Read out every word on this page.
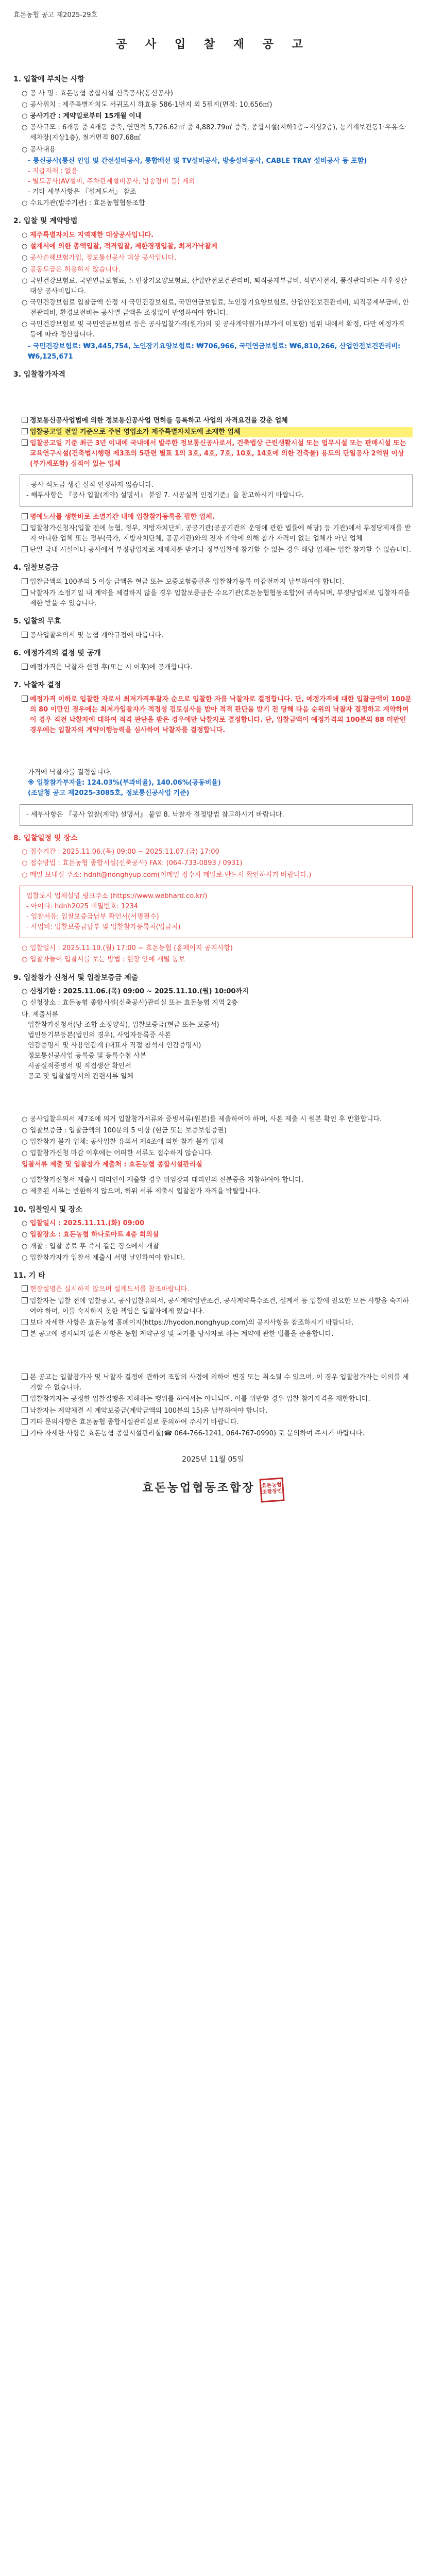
효돈농협 공고 제2025-29호
공 사 입 찰 재 공 고
1. 입찰에 부치는 사항
○ 공 사 명 : 효돈농협 종합시설 신축공사(통신공사)
○ 공사위치 : 제주특별자치도 서귀포시 하효동 586-1번지 외 5필지(면적: 10,656㎡)
○ 공사기간 : 계약일로부터 15개월 이내
○ 공사규모 : 6개동 중 4개동 증축, 연면적 5,726.62㎡ 중 4,882.79㎡ 증축, 종합시설(지하1층~지상2층), 농기계보관동1·우유소·세차장(지상1층), 철거면적 807.68㎡
○ 공사내용
- 통신공사(통신 인입 및 간선설비공사, 통합배선 및 TV설비공사, 방송설비공사, CABLE TRAY 설비공사 등 포함)
- 지급자재 : 없음
- 별도공사(AV설비, 주차관제설비공사, 방송장비 등) 제외
- 기타 세부사항은 『설계도서』 참조
○ 수요기관(발주기관) : 효돈농협협동조합
2. 입찰 및 계약방법
○ 제주특별자치도 지역제한 대상공사입니다.
○ 설계서에 의한 총액입찰, 적격입찰, 제한경쟁입찰, 최저가낙찰제
○ 공사손해보험가입, 정보통신공사 대상 공사입니다.
○ 공동도급은 허용하지 않습니다.
○ 국민건강보험료, 국민연금보험료, 노인장기요양보험료, 산업안전보건관리비, 퇴직공제부금비, 석면사전처, 품질관리비는 사후정산대상 공사비입니다.
○ 국민건강보험료 입찰금액 산정 시 국민건강보험료, 국민연금보험료, 노인장기요양보험료, 산업안전보건관리비, 퇴직공제부금비, 안전관리비, 환경보전비는 공사별 금액을 조정없이 반영하여야 합니다.
○ 국민건강보험료 및 국민연금보험료 등은 공사입찰가격(원가)의 및 공사계약원가(부가세 미포함) 범위 내에서 확정, 다만 예정가격 등에 따라 정산합니다.
- 국민건강보험료: ₩3,445,754, 노인장기요양보험료: ₩706,966, 국민연금보험료: ₩6,810,266, 산업안전보건관리비: ₩6,125,671
3. 입찰참가자격
정보통신공사업법에 의한 정보통신공사업 면허를 등록하고 사업의 자격요건을 갖춘 업체
입찰공고일 전일 기준으로 주된 영업소가 제주특별자치도에 소재한 업체
입찰공고일 기준 최근 3년 이내에 국내에서 발주한 정보통신공사로서, 건축법상 근린생활시설 또는 업무시설 또는 판매시설 또는 교육연구시설(건축법시행령 제3조의 5관련 별표 1의 3호, 4호, 7호, 10호, 14호에 의한 건축물) 용도의 단일공사 2억원 이상(부가세포함) 실적이 있는 업체
- 공사 석도금 생긴 실적 인정하지 않습니다.
- 해부사항은 『공사 입찰(계약) 설명서』 붙임 7. 시공실적 인정기준』을 참고하시기 바랍니다.
명예노사를 생한바로 소멸기간 내에 입찰참가등록을 필한 업체.
입찰참가신청자(입찰 전에 농협, 정부, 지방자치단체, 공공기관(공공기관의 운영에 관한 법률에 해당) 등 기관)에서 부정당제재를 받지 아니한 업체 또는 정부(국가, 지방자치단체, 공공기관)와의 전자 계약에 의해 참가 자격이 없는 업체가 아닌 업체
단일 국내 시설이나 공사에서 부정당업자로 제재처분 받거나 정부입찰에 참가할 수 없는 경우 해당 업체는 입찰 참가할 수 없습니다.
4. 입찰보증금
입찰금액의 100분의 5 이상 금액을 현금 또는 보증보험증권을 입찰참가등록 마감전까지 납부하여야 합니다.
낙찰자가 소정기일 내 계약을 체결하지 않을 경우 입찰보증금은 수요기관(효돈농협협동조합)에 귀속되며, 부정당업체로 입찰자격을 제한 받을 수 있습니다.
5. 입찰의 무효
공사입찰유의서 및 농협 계약규정에 따릅니다.
6. 예정가격의 결정 및 공개
예정가격은 낙찰자 선정 후(또는 시 이후)에 공개합니다.
7. 낙찰자 결정
예정가격 이하로 입찰한 자로서 최저가격투찰자 순으로 입찰한 자를 낙찰자로 결정합니다. 단, 예정가격에 대한 입찰금액이 100분의 80 이만인 경우에는 최저가입찰자가 적정성 검토심사를 받아 적격 판단을 받기 전 당해 다음 순위의 낙찰자 결정하고 계약하며 이 경우 직전 낙찰자에 대하여 적격 판단을 받은 경우에만 낙찰자로 결정합니다. 단, 입찰금액이 예정가격의 100분의 88 미만인 경우에는 입찰자의 계약이행능력을 심사하여 낙찰자를 결정합니다.
가격에 낙찰자를 결정합니다.
※ 입찰참가부자율: 124.03%(부과비율), 140.06%(공동비율)
(조달청 공고 제2025-3085호, 정보통신공사업 기준)
- 세부사항은 『공사 입찰(계약) 설명서』 붙임 8. 낙찰자 결정방법 참고하시기 바랍니다.
8. 입찰일정 및 장소
○ 접수기간 : 2025.11.06.(목) 09:00 ~ 2025.11.07.(금) 17:00
○ 접수방법 : 효돈농협 종합시설(신축공사) FAX: (064-733-0893 / 0931)
○ 메일 보내실 주소: hdnh@nonghyup.com(이메일 접수시 메일로 반드시 확인하시기 바랍니다.)
입찰보시 업체설명 링크주소 (https://www.webhard.co.kr/)
- 아이디: hdnh2025 비밀번호: 1234
- 입찰서류: 입찰보증금납부 확인서(서명필수)
- 사업비: 입찰보증금납부 및 입찰참가등록처(입금처)
○ 입찰일시 : 2025.11.10.(월) 17:00 ~ 효돈농협 (홈페이지 공지사항)
○ 입찰자들이 입찰서를 보는 방법 : 현장 안에 개별 통보
9. 입찰참가 신청서 및 입찰보증금 제출
○ 신청기한 : 2025.11.06.(목) 09:00 ~ 2025.11.10.(월) 10:00까지
○ 신청장소 : 효돈농협 종합시설(신축공사)관리실 또는 효돈농협 지역 2층
다. 제출서류
입찰참가신청서(당 조합 소정양식), 입찰보증금(현금 또는 보증서)
법인등기부등본(법인의 경우), 사업자등록증 사본
인감증명서 및 사용인감계 (대표자 직접 참석시 인감증명서)
정보통신공사업 등록증 및 등록수첩 사본
시공실적증명서 및 직접생산 확인서
공고 및 입찰설명서의 관련서류 일체
○ 공사입찰유의서 제7조에 의거 입찰참가서류와 증빙서류(원본)를 제출하여야 하며, 사본 제출 시 원본 확인 후 반환합니다.
○ 입찰보증금 : 입찰금액의 100분의 5 이상 (현금 또는 보증보험증권)
○ 입찰참가 불가 업체: 공사입찰 유의서 제4조에 의한 참가 불가 업체
○ 입찰참가신청 마감 이후에는 어떠한 서류도 접수하지 않습니다.
입찰서류 제출 및 입찰참가 제출처 : 효돈농협 종합시설관리실
○ 입찰참가신청서 제출시 대리인이 제출할 경우 위임장과 대리인의 신분증을 지참하여야 합니다.
○ 제출된 서류는 반환하지 않으며, 허위 서류 제출시 입찰참가 자격을 박탈합니다.
10. 입찰일시 및 장소
○ 입찰일시 : 2025.11.11.(화) 09:00
○ 입찰장소 : 효돈농협 하나로마트 4층 회의실
○ 개찰 : 입찰 종료 후 즉시 같은 장소에서 개찰
○ 입찰참가자가 입찰서 제출시 서명 날인하여야 합니다.
11. 기 타
현장설명은 실시하지 않으며 설계도서를 참조바랍니다.
입찰자는 입찰 전에 입찰공고, 공사입찰유의서, 공사계약일반조건, 공사계약특수조건, 설계서 등 입찰에 필요한 모든 사항을 숙지하여야 하며, 이를 숙지하지 못한 책임은 입찰자에게 있습니다.
보다 자세한 사항은 효돈농협 홈페이지(https://hyodon.nonghyup.com)의 공지사항을 참조하시기 바랍니다.
본 공고에 명시되지 않은 사항은 농협 계약규정 및 국가를 당사자로 하는 계약에 관한 법률을 준용합니다.
본 공고는 입찰참가자 및 낙찰자 결정에 관하여 조합의 사정에 의하여 변경 또는 취소될 수 있으며, 이 경우 입찰참가자는 이의를 제기할 수 없습니다.
입찰참가자는 공정한 입찰집행을 저해하는 행위를 하여서는 아니되며, 이를 위반할 경우 입찰 참가자격을 제한합니다.
낙찰자는 계약체결 시 계약보증금(계약금액의 100분의 15)을 납부하여야 합니다.
기타 문의사항은 효돈농협 종합시설관리실로 문의하여 주시기 바랍니다.
기타 자세한 사항은 효돈농협 종합시설관리실(☎ 064-766-1241, 064-767-0990) 로 문의하여 주시기 바랍니다.
2025년 11월 05일
효돈농업협동조합장 효돈농협 조합장인
